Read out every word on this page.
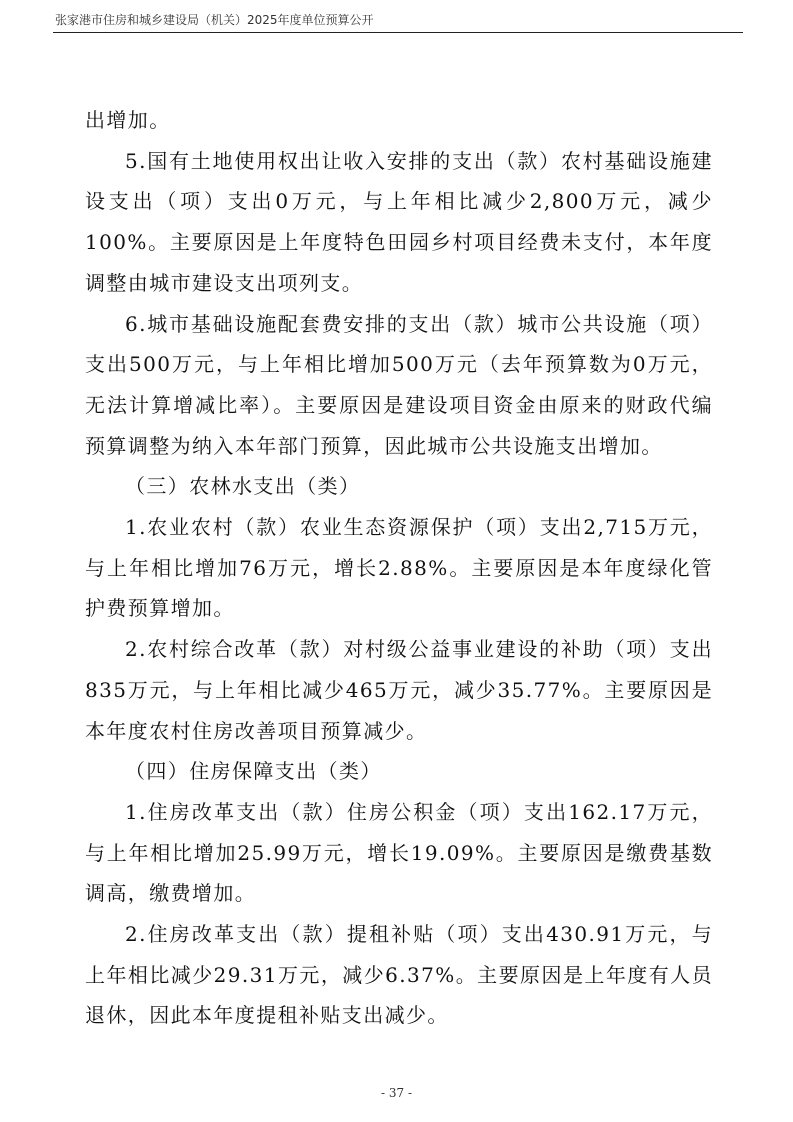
张家港市住房和城乡建设局（机关）2025年度单位预算公开

出增加。

5.国有土地使用权出让收入安排的支出（款）农村基础设施建设支出（项）支出0万元，与上年相比减少2,800万元，减少100%。主要原因是上年度特色田园乡村项目经费未支付，本年度调整由城市建设支出项列支。

6.城市基础设施配套费安排的支出（款）城市公共设施（项）支出500万元，与上年相比增加500万元（去年预算数为0万元，无法计算增减比率）。主要原因是建设项目资金由原来的财政代编预算调整为纳入本年部门预算，因此城市公共设施支出增加。

（三）农林水支出（类）

1.农业农村（款）农业生态资源保护（项）支出2,715万元，与上年相比增加76万元，增长2.88%。主要原因是本年度绿化管护费预算增加。

2.农村综合改革（款）对村级公益事业建设的补助（项）支出835万元，与上年相比减少465万元，减少35.77%。主要原因是本年度农村住房改善项目预算减少。

（四）住房保障支出（类）

1.住房改革支出（款）住房公积金（项）支出162.17万元，与上年相比增加25.99万元，增长19.09%。主要原因是缴费基数调高，缴费增加。

2.住房改革支出（款）提租补贴（项）支出430.91万元，与上年相比减少29.31万元，减少6.37%。主要原因是上年度有人员退休，因此本年度提租补贴支出减少。

- 37 -
